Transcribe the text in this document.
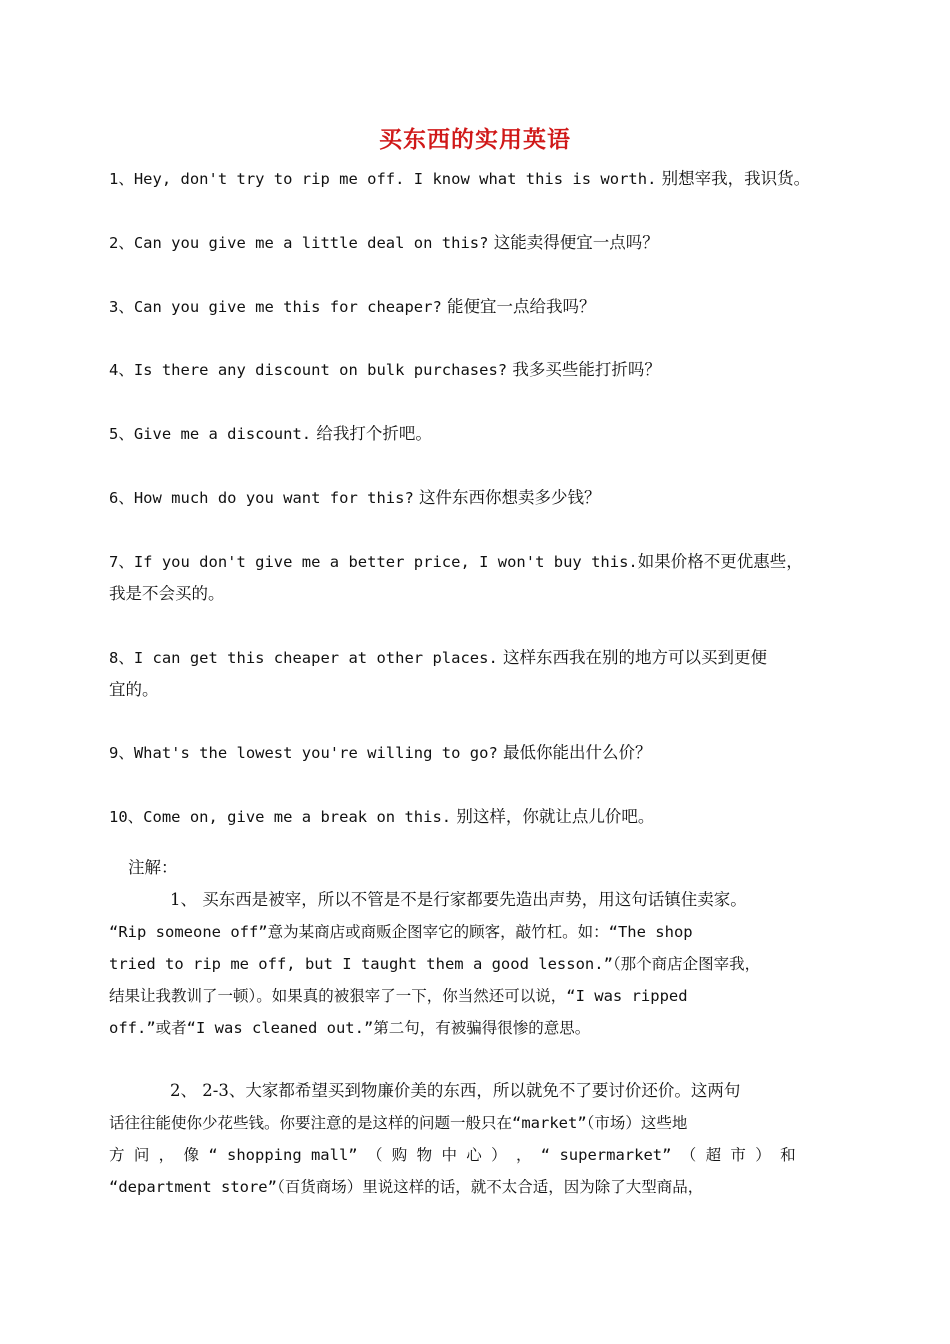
买东西的实用英语
1、Hey, don't try to rip me off. I know what this is worth. 别想宰我，我识货。
2、Can you give me a little deal on this? 这能卖得便宜一点吗？
3、Can you give me this for cheaper? 能便宜一点给我吗？
4、Is there any discount on bulk purchases? 我多买些能打折吗？
5、Give me a discount. 给我打个折吧。
6、How much do you want for this? 这件东西你想卖多少钱？
7、If you don't give me a better price, I won't buy this.如果价格不更优惠些，
我是不会买的。
8、I can get this cheaper at other places. 这样东西我在别的地方可以买到更便
宜的。
9、What's the lowest you're willing to go? 最低你能出什么价？
10、Come on, give me a break on this. 别这样，你就让点儿价吧。
注解：
1、 买东西是被宰，所以不管是不是行家都要先造出声势，用这句话镇住卖家。
“Rip someone off”意为某商店或商贩企图宰它的顾客，敲竹杠。如：“The shop
tried to rip me off, but I taught them a good lesson.”（那个商店企图宰我，
结果让我教训了一顿）。如果真的被狠宰了一下，你当然还可以说，“I was ripped
off.”或者“I was cleaned out.”第二句，有被骗得很惨的意思。
2、 2-3、大家都希望买到物廉价美的东西，所以就免不了要讨价还价。这两句
话往往能使你少花些钱。你要注意的是这样的问题一般只在“market”（市场）这些地
方 问 ， 像 “ shopping mall” （ 购 物 中 心 ） ， “ supermarket” （ 超 市 ） 和
“department store”（百货商场）里说这样的话，就不太合适，因为除了大型商品，
